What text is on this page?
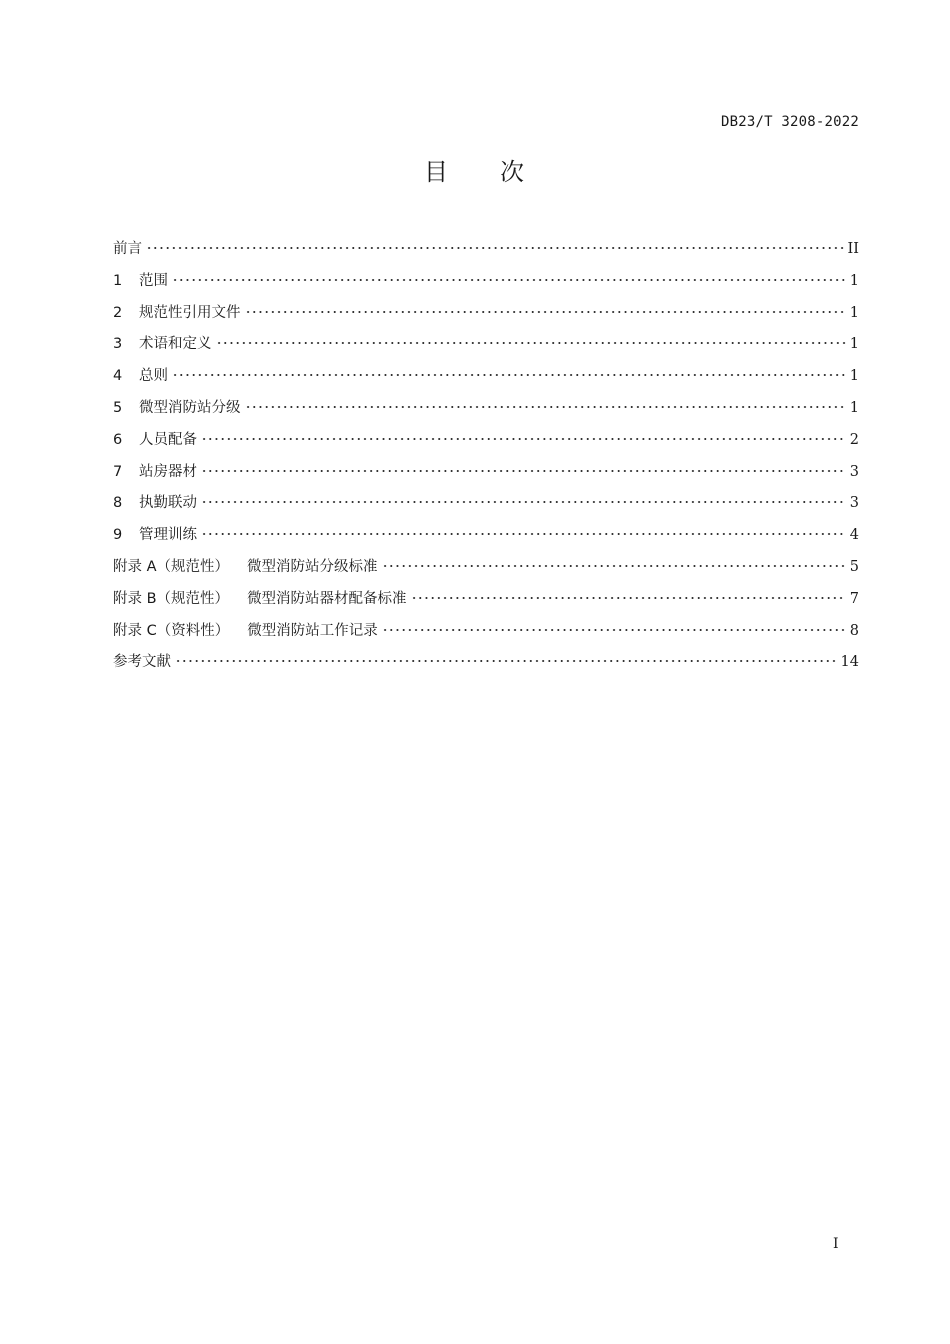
DB23/T 3208-2022
目 次
前言	II
1	范围	1
2	规范性引用文件	1
3	术语和定义	1
4	总则	1
5	微型消防站分级	1
6	人员配备	2
7	站房器材	3
8	执勤联动	3
9	管理训练	4
附录 A（规范性） 微型消防站分级标准	5
附录 B（规范性） 微型消防站器材配备标准	7
附录 C（资料性） 微型消防站工作记录	8
参考文献	14
I
